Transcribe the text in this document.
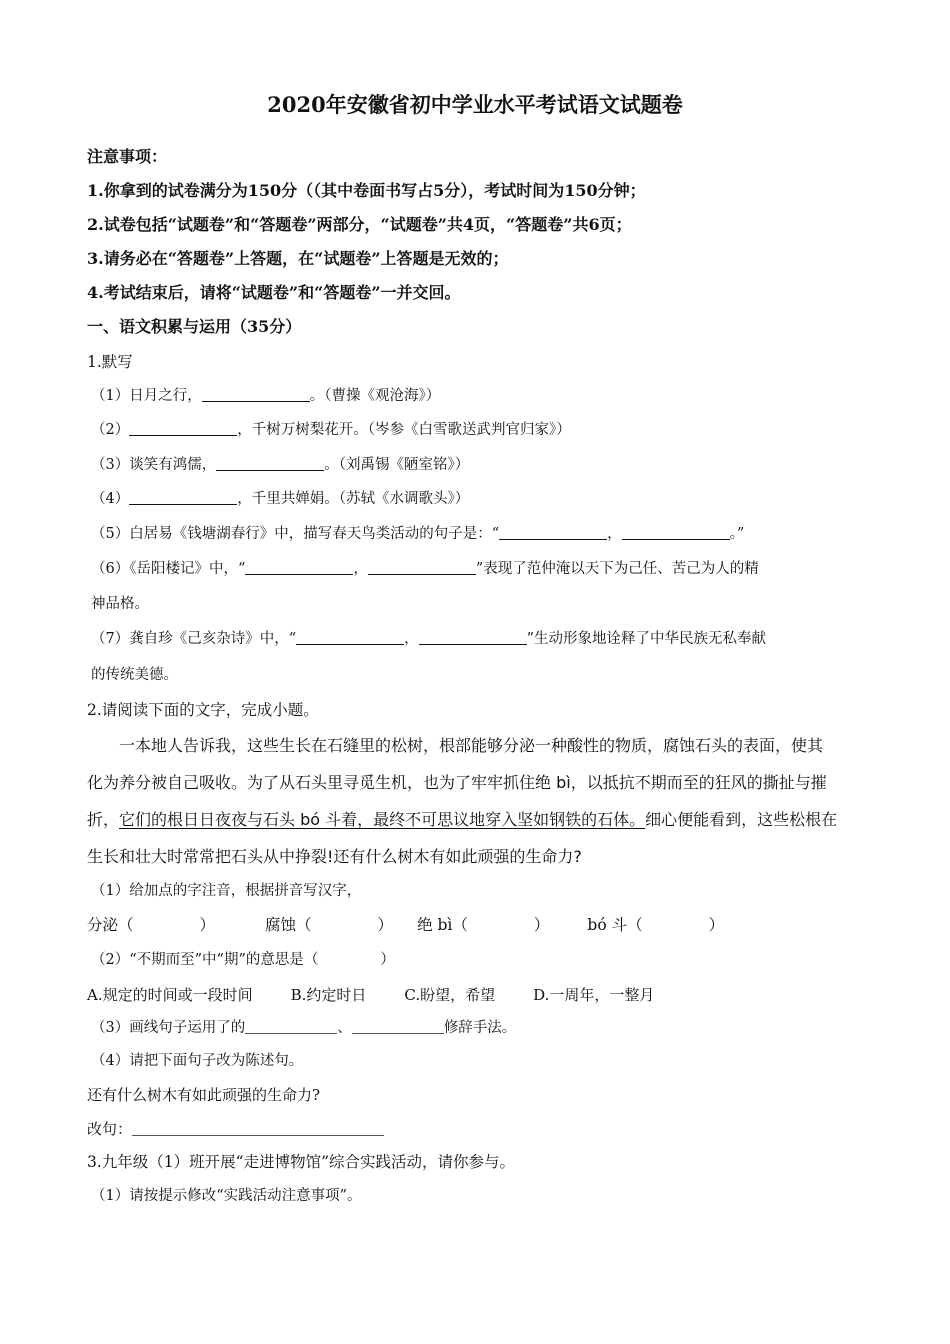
2020年安徽省初中学业水平考试语文试题卷
注意事项：
1.你拿到的试卷满分为150分（（其中卷面书写占5分），考试时间为150分钟；
2.试卷包括“试题卷”和“答题卷”两部分，“试题卷”共4页，“答题卷”共6页；
3.请务必在“答题卷”上答题，在“试题卷”上答题是无效的；
4.考试结束后，请将“试题卷”和“答题卷”一并交回。
一、语文积累与运用（35分）
1.默写
（1）日月之行，	。（曹操《观沧海》）
（2）	，千树万树梨花开。（岑参《白雪歌送武判官归家》）
（3）谈笑有鸿儒，	。（刘禹锡《陋室铭》）
（4）	，千里共婵娟。（苏轼《水调歌头》）
（5）白居易《钱塘湖春行》中，描写春天鸟类活动的句子是：“	，	。”
（6）《岳阳楼记》中，“	，	”表现了范仲淹以天下为己任、苦己为人的精
神品格。
（7）龚自珍《己亥杂诗》中，“	，	”生动形象地诠释了中华民族无私奉献
的传统美德。
2.请阅读下面的文字，完成小题。
一本地人告诉我，这些生长在石缝里的松树，根部能够分泌一种酸性的物质，腐蚀石头的表面，使其
化为养分被自己吸收。为了从石头里寻觅生机，也为了牢牢抓住绝 bì，以抵抗不期而至的狂风的撕扯与摧
折，它们的根日日夜夜与石头 bó 斗着，最终不可思议地穿入坚如钢铁的石体。细心便能看到，这些松根在
生长和壮大时常常把石头从中挣裂!还有什么树木有如此顽强的生命力?
（1）给加点的字注音，根据拼音写汉字，
分泌（	）	腐蚀（	） 绝 bì（	） bó 斗（	）
（2）“不期而至”中“期”的意思是（	）
A.规定的时间或一段时间	B.约定时日	C.盼望，希望	D.一周年，一整月
（3）画线句子运用了的	、	修辞手法。
（4）请把下面句子改为陈述句。
还有什么树木有如此顽强的生命力?
改句：
3.九年级（1）班开展“走进博物馆”综合实践活动，请你参与。
（1）请按提示修改“实践活动注意事项”。
